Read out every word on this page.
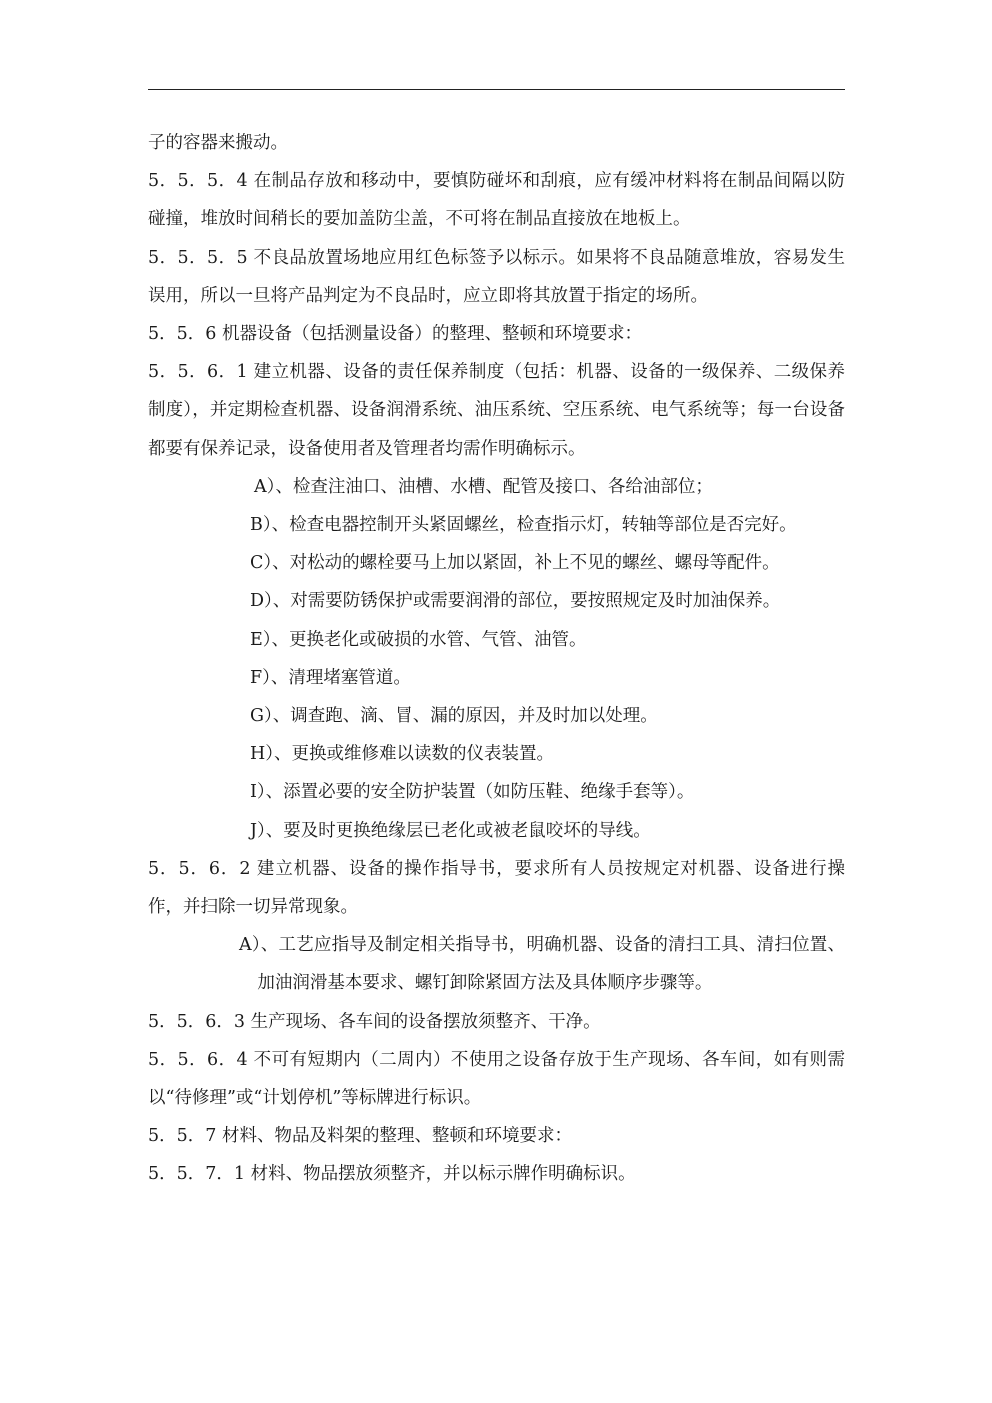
子的容器来搬动。

5．5．5．4 在制品存放和移动中，要慎防碰坏和刮痕，应有缓冲材料将在制品间隔以防碰撞，堆放时间稍长的要加盖防尘盖，不可将在制品直接放在地板上。

5．5．5．5 不良品放置场地应用红色标签予以标示。如果将不良品随意堆放，容易发生误用，所以一旦将产品判定为不良品时，应立即将其放置于指定的场所。

5．5．6 机器设备（包括测量设备）的整理、整顿和环境要求：

5．5．6．1 建立机器、设备的责任保养制度（包括：机器、设备的一级保养、二级保养制度），并定期检查机器、设备润滑系统、油压系统、空压系统、电气系统等；每一台设备都要有保养记录，设备使用者及管理者均需作明确标示。

A）、检查注油口、油槽、水槽、配管及接口、各给油部位；

B）、检查电器控制开头紧固螺丝，检查指示灯，转轴等部位是否完好。

C）、对松动的螺栓要马上加以紧固，补上不见的螺丝、螺母等配件。

D）、对需要防锈保护或需要润滑的部位，要按照规定及时加油保养。

E）、更换老化或破损的水管、气管、油管。

F）、清理堵塞管道。

G）、调查跑、滴、冒、漏的原因，并及时加以处理。

H）、更换或维修难以读数的仪表装置。

I）、添置必要的安全防护装置（如防压鞋、绝缘手套等）。

J）、要及时更换绝缘层已老化或被老鼠咬坏的导线。

5．5．6．2 建立机器、设备的操作指导书，要求所有人员按规定对机器、设备进行操作，并扫除一切异常现象。

A）、工艺应指导及制定相关指导书，明确机器、设备的清扫工具、清扫位置、加油润滑基本要求、螺钉卸除紧固方法及具体顺序步骤等。

5．5．6．3 生产现场、各车间的设备摆放须整齐、干净。

5．5．6．4 不可有短期内（二周内）不使用之设备存放于生产现场、各车间，如有则需以“待修理”或“计划停机”等标牌进行标识。

5．5．7 材料、物品及料架的整理、整顿和环境要求：

5．5．7．1 材料、物品摆放须整齐，并以标示牌作明确标识。
